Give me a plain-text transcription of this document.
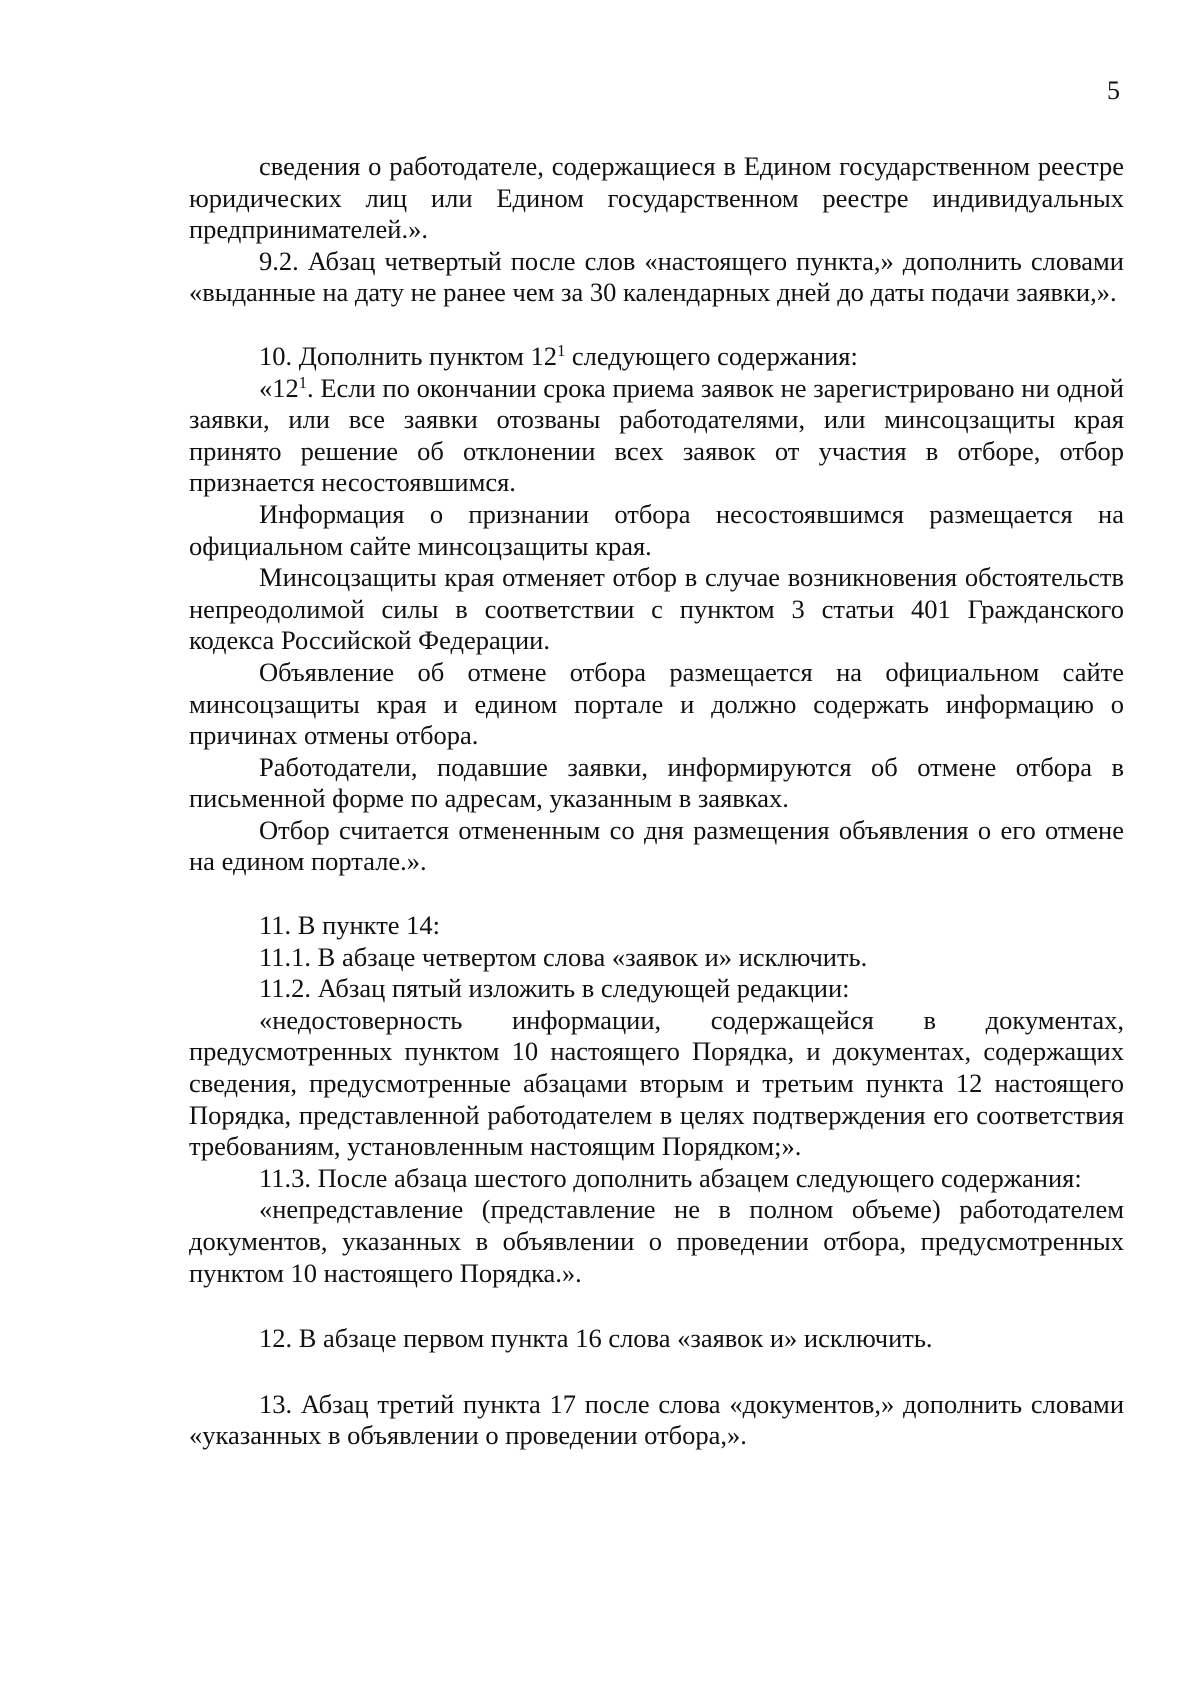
5

сведения о работодателе, содержащиеся в Едином государственном реестре юридических лиц или Едином государственном реестре индивидуальных предпринимателей.».

9.2. Абзац четвертый после слов «настоящего пункта,» дополнить словами «выданные на дату не ранее чем за 30 календарных дней до даты подачи заявки,».

10. Дополнить пунктом $12^1$ следующего содержания:

«$12^1$. Если по окончании срока приема заявок не зарегистрировано ни одной заявки, или все заявки отозваны работодателями, или минсоцзащиты края принято решение об отклонении всех заявок от участия в отборе, отбор признается несостоявшимся.

Информация о признании отбора несостоявшимся размещается на официальном сайте минсоцзащиты края.

Минсоцзащиты края отменяет отбор в случае возникновения обстоятельств непреодолимой силы в соответствии с пунктом 3 статьи 401 Гражданского кодекса Российской Федерации.

Объявление об отмене отбора размещается на официальном сайте минсоцзащиты края и едином портале и должно содержать информацию о причинах отмены отбора.

Работодатели, подавшие заявки, информируются об отмене отбора в письменной форме по адресам, указанным в заявках.

Отбор считается отмененным со дня размещения объявления о его отмене на едином портале.».

11. В пункте 14:

11.1. В абзаце четвертом слова «заявок и» исключить.

11.2. Абзац пятый изложить в следующей редакции:

«недостоверность информации, содержащейся в документах, предусмотренных пунктом 10 настоящего Порядка, и документах, содержащих сведения, предусмотренные абзацами вторым и третьим пункта 12 настоящего Порядка, представленной работодателем в целях подтверждения его соответствия требованиям, установленным настоящим Порядком;».

11.3. После абзаца шестого дополнить абзацем следующего содержания:

«непредставление (представление не в полном объеме) работодателем документов, указанных в объявлении о проведении отбора, предусмотренных пунктом 10 настоящего Порядка.».

12. В абзаце первом пункта 16 слова «заявок и» исключить.

13. Абзац третий пункта 17 после слова «документов,» дополнить словами «указанных в объявлении о проведении отбора,».
